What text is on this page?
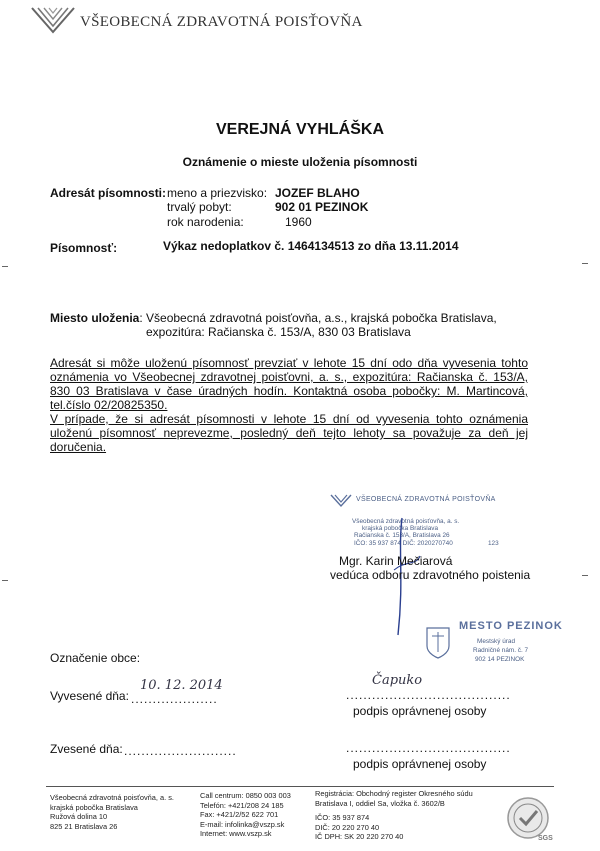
VŠEOBECNÁ ZDRAVOTNÁ POISŤOVŇA
VEREJNÁ VYHLÁŠKA
Oznámenie o mieste uloženia písomnosti
Adresát písomnosti: meno a priezvisko: JOZEF BLAHO
trvalý pobyt:	902 01 PEZINOK
rok narodenia:	1960
Písomnosť:	Výkaz nedoplatkov č. 1464134513 zo dňa 13.11.2014
Miesto uloženia: Všeobecná zdravotná poisťovňa, a.s., krajská pobočka Bratislava,
expozitúra: Račianska č. 153/A, 830 03 Bratislava
Adresát si môže uloženú písomnosť prevziať v lehote 15 dní odo dňa vyvesenia tohto oznámenia vo Všeobecnej zdravotnej poisťovni, a. s., expozitúra: Račianska č. 153/A, 830 03 Bratislava v čase úradných hodín. Kontaktná osoba pobočky: M. Martincová, tel.číslo 02/20825350.
V prípade, že si adresát písomnosti v lehote 15 dní od vyvesenia tohto oznámenia uloženú písomnosť neprevezme, posledný deň tejto lehoty sa považuje za deň jej doručenia.
VŠEOBECNÁ ZDRAVOTNÁ POISŤOVŇA
Všeobecná zdravotná poisťovňa, a. s.
krajská pobočka Bratislava
Račianska č. 153/A, Bratislava 26
IČO: 35 937 874 DIČ: 2020270740	123
Mgr. Karin Mečiarová
vedúca odboru zdravotného poistenia
MESTO PEZINOK
Mestský úrad
Radničné nám. č. 7
902 14 PEZINOK
Označenie obce:
Vyvesené dňa: ....................
10. 12. 2014
......................................
Čapuko
podpis oprávnenej osoby
Zvesené dňa: ..........................	......................................
podpis oprávnenej osoby
Všeobecná zdravotná poisťovňa, a. s.
krajská pobočka Bratislava
Ružová dolina 10
825 21 Bratislava 26
Call centrum: 0850 003 003
Telefón: +421/208 24 185
Fax: +421/2/52 622 701
E-mail: infolinka@vszp.sk
Internet: www.vszp.sk
Registrácia: Obchodný register Okresného súdu
Bratislava I, oddiel Sa, vložka č. 3602/B
IČO: 35 937 874
DIČ: 20 220 270 40
IČ DPH: SK 20 220 270 40	SGS
